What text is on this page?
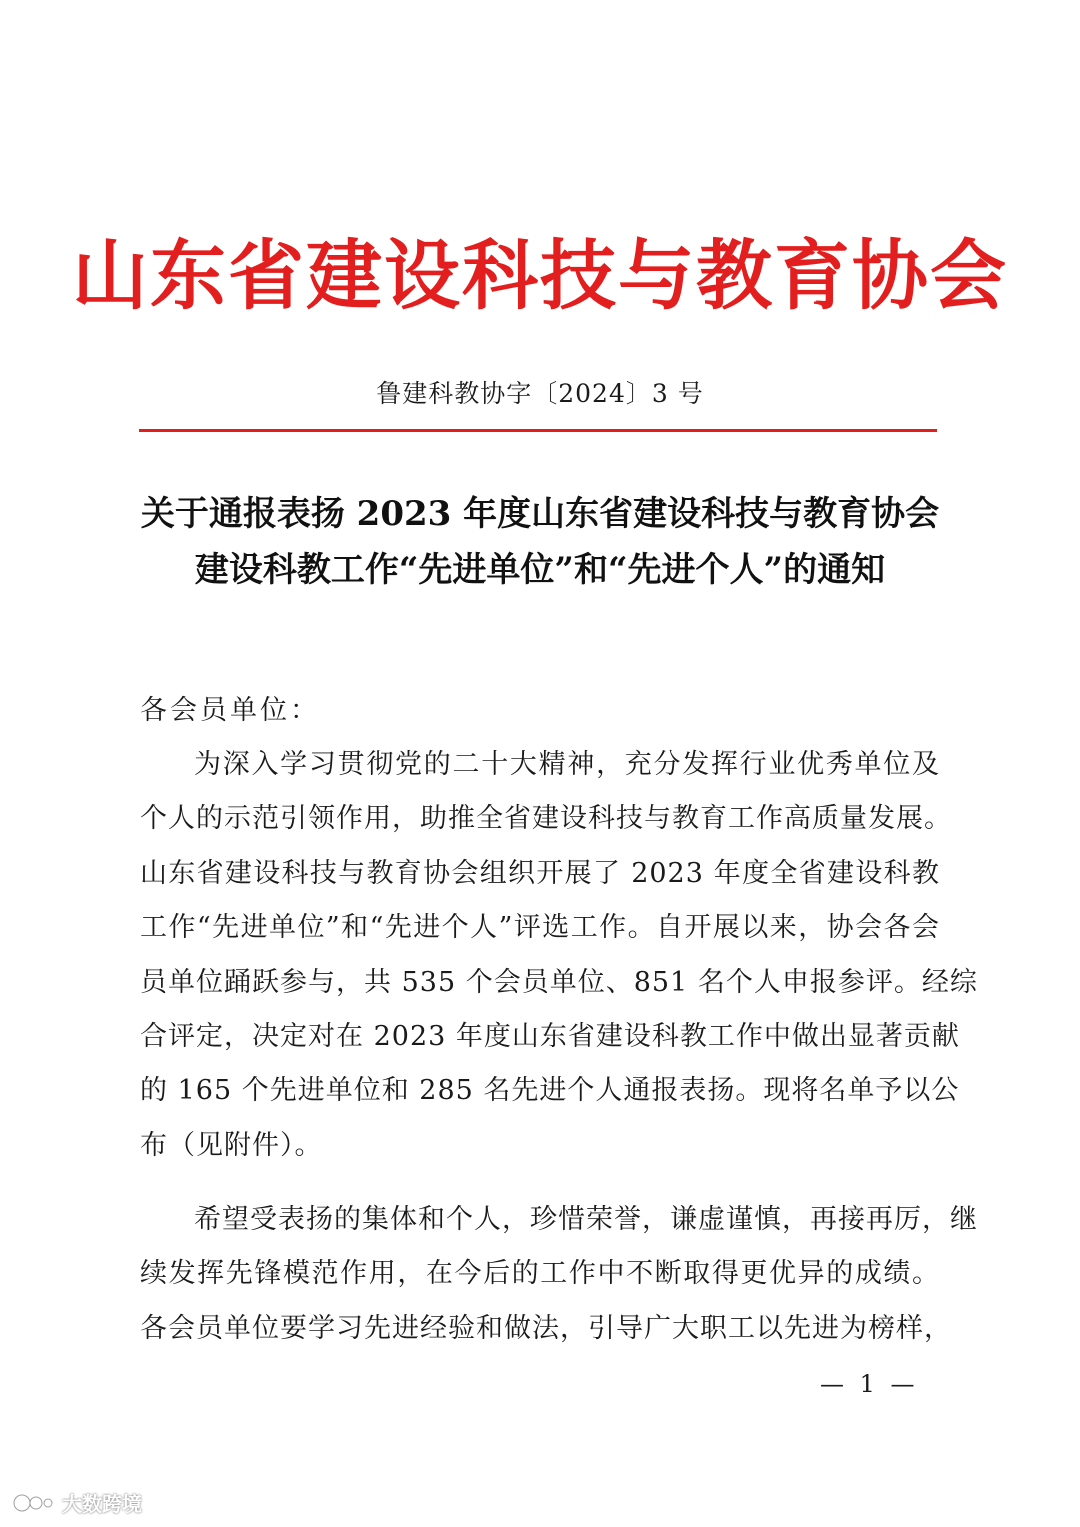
山东省建设科技与教育协会
鲁建科教协字〔2024〕3 号
关于通报表扬 2023 年度山东省建设科技与教育协会
建设科教工作“先进单位”和“先进个人”的通知
各会员单位：
为深入学习贯彻党的二十大精神，充分发挥行业优秀单位及
个人的示范引领作用，助推全省建设科技与教育工作高质量发展。
山东省建设科技与教育协会组织开展了 2023 年度全省建设科教
工作“先进单位”和“先进个人”评选工作。自开展以来，协会各会
员单位踊跃参与，共 535 个会员单位、851 名个人申报参评。经综
合评定，决定对在 2023 年度山东省建设科教工作中做出显著贡献
的 165 个先进单位和 285 名先进个人通报表扬。现将名单予以公
布（见附件）。
希望受表扬的集体和个人，珍惜荣誉，谦虚谨慎，再接再厉，继
续发挥先锋模范作用，在今后的工作中不断取得更优异的成绩。
各会员单位要学习先进经验和做法，引导广大职工以先进为榜样，
— 1 —
大数跨境
